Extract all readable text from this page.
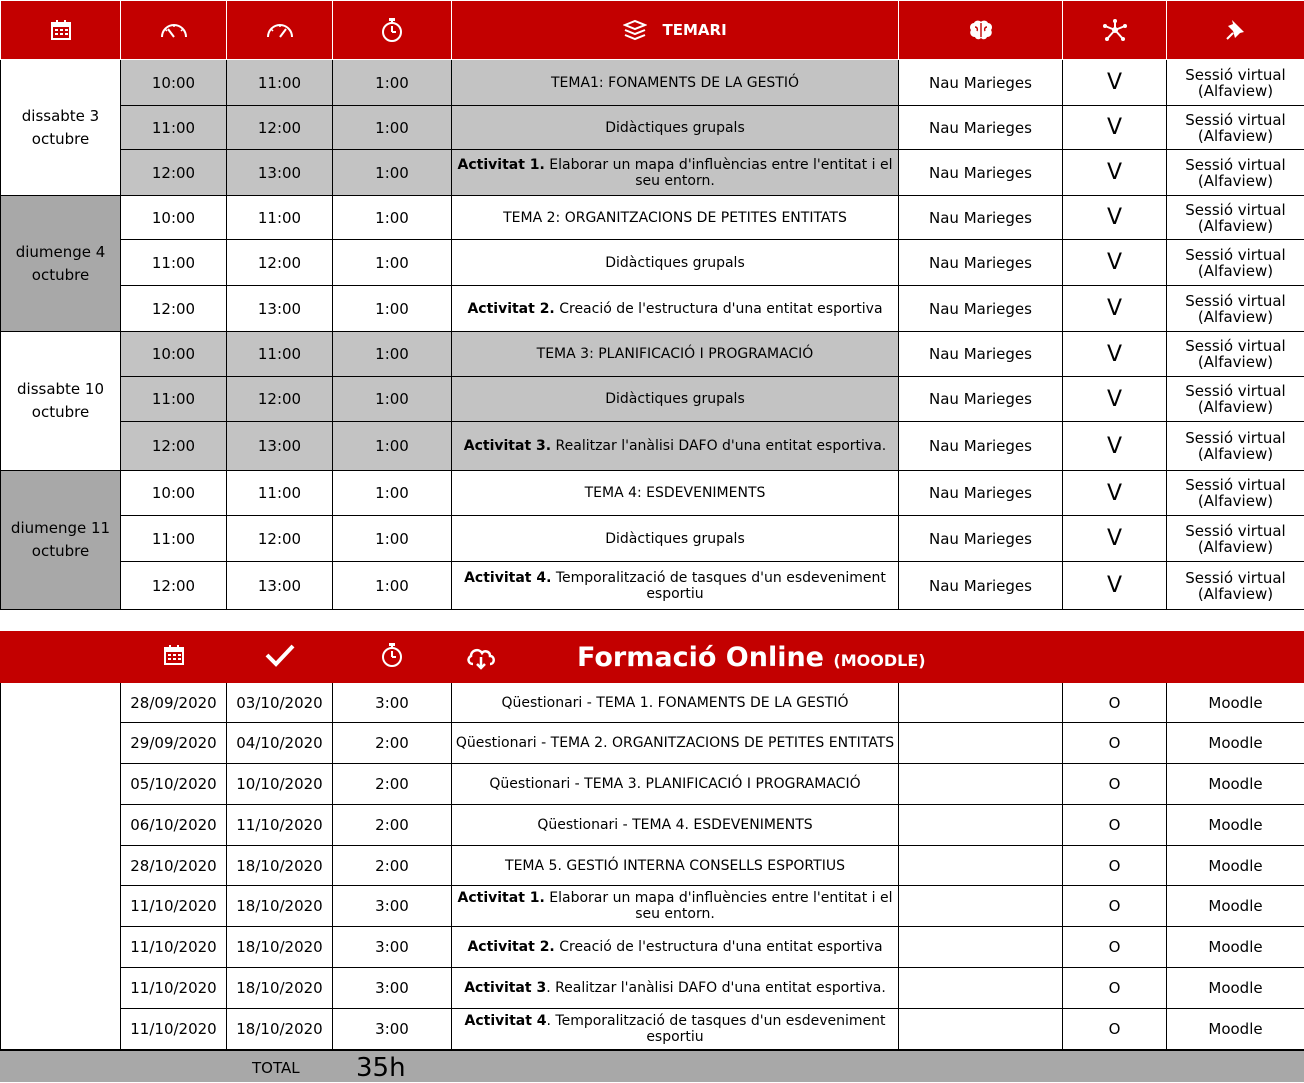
				TEMARI			
dissabte 3 octubre	10:00	11:00	1:00	TEMA1: FONAMENTS DE LA GESTIÓ	Nau Marieges	V	Sessió virtual (Alfaview)
	11:00	12:00	1:00	Didàctiques grupals	Nau Marieges	V	Sessió virtual (Alfaview)
	12:00	13:00	1:00	Activitat 1. Elaborar un mapa d'influèncias entre l'entitat i el seu entorn.	Nau Marieges	V	Sessió virtual (Alfaview)
diumenge 4 octubre	10:00	11:00	1:00	TEMA 2: ORGANITZACIONS DE PETITES ENTITATS	Nau Marieges	V	Sessió virtual (Alfaview)
	11:00	12:00	1:00	Didàctiques grupals	Nau Marieges	V	Sessió virtual (Alfaview)
	12:00	13:00	1:00	Activitat 2. Creació de l'estructura d'una entitat esportiva	Nau Marieges	V	Sessió virtual (Alfaview)
dissabte 10 octubre	10:00	11:00	1:00	TEMA 3: PLANIFICACIÓ I PROGRAMACIÓ	Nau Marieges	V	Sessió virtual (Alfaview)
	11:00	12:00	1:00	Didàctiques grupals	Nau Marieges	V	Sessió virtual (Alfaview)
	12:00	13:00	1:00	Activitat 3. Realitzar l'anàlisi DAFO d'una entitat esportiva.	Nau Marieges	V	Sessió virtual (Alfaview)
diumenge 11 octubre	10:00	11:00	1:00	TEMA 4: ESDEVENIMENTS	Nau Marieges	V	Sessió virtual (Alfaview)
	11:00	12:00	1:00	Didàctiques grupals	Nau Marieges	V	Sessió virtual (Alfaview)
	12:00	13:00	1:00	Activitat 4. Temporalització de tasques d'un esdeveniment esportiu	Nau Marieges	V	Sessió virtual (Alfaview)

Formació Online (MOODLE)			
	28/09/2020	03/10/2020	3:00	Qüestionari - TEMA 1. FONAMENTS DE LA GESTIÓ		O	Moodle
	29/09/2020	04/10/2020	2:00	Qüestionari - TEMA 2. ORGANITZACIONS DE PETITES ENTITATS		O	Moodle
	05/10/2020	10/10/2020	2:00	Qüestionari - TEMA 3. PLANIFICACIÓ I PROGRAMACIÓ		O	Moodle
	06/10/2020	11/10/2020	2:00	Qüestionari - TEMA 4. ESDEVENIMENTS		O	Moodle
	28/10/2020	18/10/2020	2:00	TEMA 5. GESTIÓ INTERNA CONSELLS ESPORTIUS		O	Moodle
	11/10/2020	18/10/2020	3:00	Activitat 1. Elaborar un mapa d'influències entre l'entitat i el seu entorn.		O	Moodle
	11/10/2020	18/10/2020	3:00	Activitat 2. Creació de l'estructura d'una entitat esportiva		O	Moodle
	11/10/2020	18/10/2020	3:00	Activitat 3. Realitzar l'anàlisi DAFO d'una entitat esportiva.		O	Moodle
	11/10/2020	18/10/2020	3:00	Activitat 4. Temporalització de tasques d'un esdeveniment esportiu		O	Moodle
TOTAL 35h
